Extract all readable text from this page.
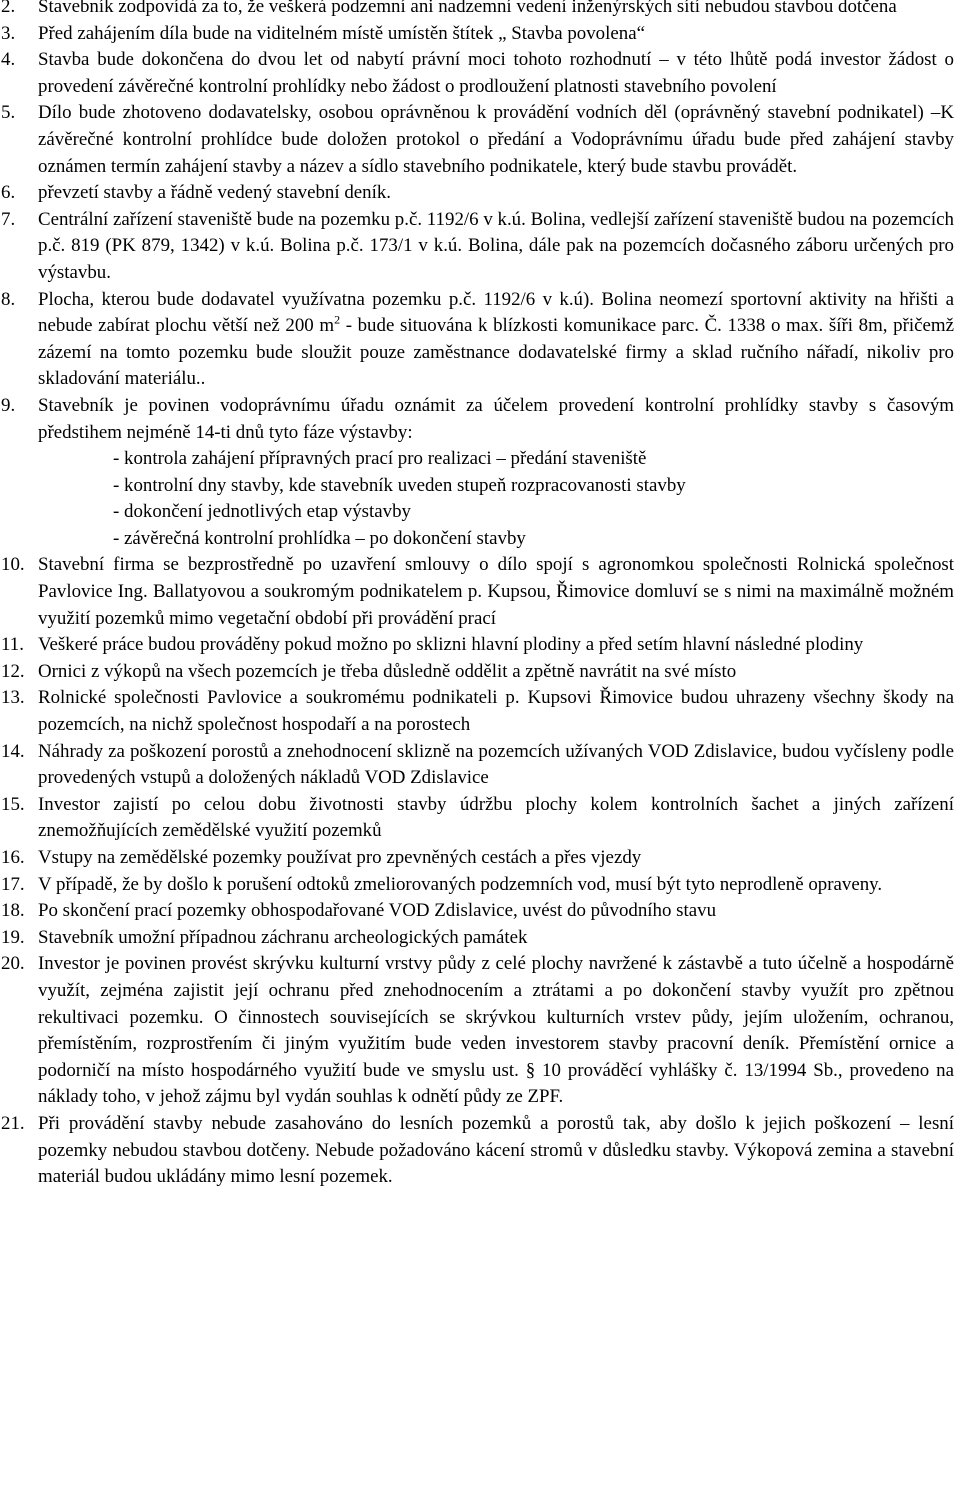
2.	Stavebník zodpovídá za to, že veškerá podzemní ani nadzemní vedení inženýrských sítí nebudou stavbou dotčena
3.	Před zahájením díla bude na viditelném místě umístěn štítek „ Stavba povolena“
4.	Stavba bude dokončena do dvou let od nabytí právní moci tohoto rozhodnutí – v této lhůtě podá investor žádost o provedení závěrečné kontrolní prohlídky nebo žádost o prodloužení platnosti stavebního povolení
5.	Dílo bude zhotoveno dodavatelsky, osobou oprávněnou k provádění vodních děl (oprávněný stavební podnikatel) –K závěrečné kontrolní prohlídce bude doložen protokol o předání a Vodoprávnímu úřadu bude před zahájení stavby oznámen termín zahájení stavby a název a sídlo stavebního podnikatele, který bude stavbu provádět.
6.	převzetí stavby a řádně vedený stavební deník.
7.	Centrální zařízení staveniště bude na pozemku p.č. 1192/6 v k.ú. Bolina, vedlejší zařízení staveniště budou na pozemcích p.č. 819 (PK 879, 1342) v k.ú. Bolina p.č. 173/1 v k.ú. Bolina, dále pak na pozemcích dočasného záboru určených pro výstavbu.
8.	Plocha, kterou bude dodavatel využívatna pozemku p.č. 1192/6 v k.ú). Bolina neomezí sportovní aktivity na hřišti a nebude zabírat plochu větší než 200 $m^2$ - bude situována k blízkosti komunikace parc. Č. 1338 o max. šíři 8m, přičemž zázemí na tomto pozemku bude sloužit pouze zaměstnance dodavatelské firmy a sklad ručního nářadí, nikoliv pro skladování materiálu..
9.	Stavebník je povinen vodoprávnímu úřadu oznámit za účelem provedení kontrolní prohlídky stavby s časovým předstihem nejméně 14-ti dnů tyto fáze výstavby:

- kontrola zahájení přípravných prací pro realizaci – předání staveniště
- kontrolní dny stavby, kde stavebník uveden stupeň rozpracovanosti stavby
- dokončení jednotlivých etap výstavby
- závěrečná kontrolní prohlídka – po dokončení stavby
10. Stavební firma se bezprostředně po uzavření smlouvy o dílo spojí s agronomkou společnosti Rolnická společnost Pavlovice Ing. Ballatyovou a soukromým podnikatelem p. Kupsou, Řimovice domluví se s nimi na maximálně možném využití pozemků mimo vegetační období při provádění prací
11. Veškeré práce budou prováděny pokud možno po sklizni hlavní plodiny a před setím hlavní následné plodiny
12. Ornici z výkopů na všech pozemcích je třeba důsledně oddělit a zpětně navrátit na své místo
13. Rolnické společnosti Pavlovice a soukromému podnikateli p. Kupsovi Řimovice budou uhrazeny všechny škody na pozemcích, na nichž společnost hospodaří a na porostech
14. Náhrady za poškození porostů a znehodnocení sklizně na pozemcích užívaných VOD Zdislavice, budou vyčísleny podle provedených vstupů a doložených nákladů VOD Zdislavice
15. Investor zajistí po celou dobu životnosti stavby údržbu plochy kolem kontrolních šachet a jiných zařízení znemožňujících zemědělské využití pozemků
16. Vstupy na zemědělské pozemky používat pro zpevněných cestách a přes vjezdy
17. V případě, že by došlo k porušení odtoků zmeliorovaných podzemních vod, musí být tyto neprodleně opraveny.
18. Po skončení prací pozemky obhospodařované VOD Zdislavice, uvést do původního stavu
19. Stavebník umožní případnou záchranu archeologických památek
20. Investor je povinen provést skrývku kulturní vrstvy půdy z celé plochy navržené k zástavbě a tuto účelně a hospodárně využít, zejména zajistit její ochranu před znehodnocením a ztrátami a po dokončení stavby využít pro zpětnou rekultivaci pozemku. O činnostech souvisejících se skrývkou kulturních vrstev půdy, jejím uložením, ochranou, přemístěním, rozprostřením či jiným využitím bude veden investorem stavby pracovní deník. Přemístění ornice a podorničí na místo hospodárného využití bude ve smyslu ust. § 10 prováděcí vyhlášky č. 13/1994 Sb., provedeno na náklady toho, v jehož zájmu byl vydán souhlas k odnětí půdy ze ZPF.
21. Při provádění stavby nebude zasahováno do lesních pozemků a porostů tak, aby došlo k jejich poškození – lesní pozemky nebudou stavbou dotčeny. Nebude požadováno kácení stromů v důsledku stavby. Výkopová zemina a stavební materiál budou ukládány mimo lesní pozemek.
